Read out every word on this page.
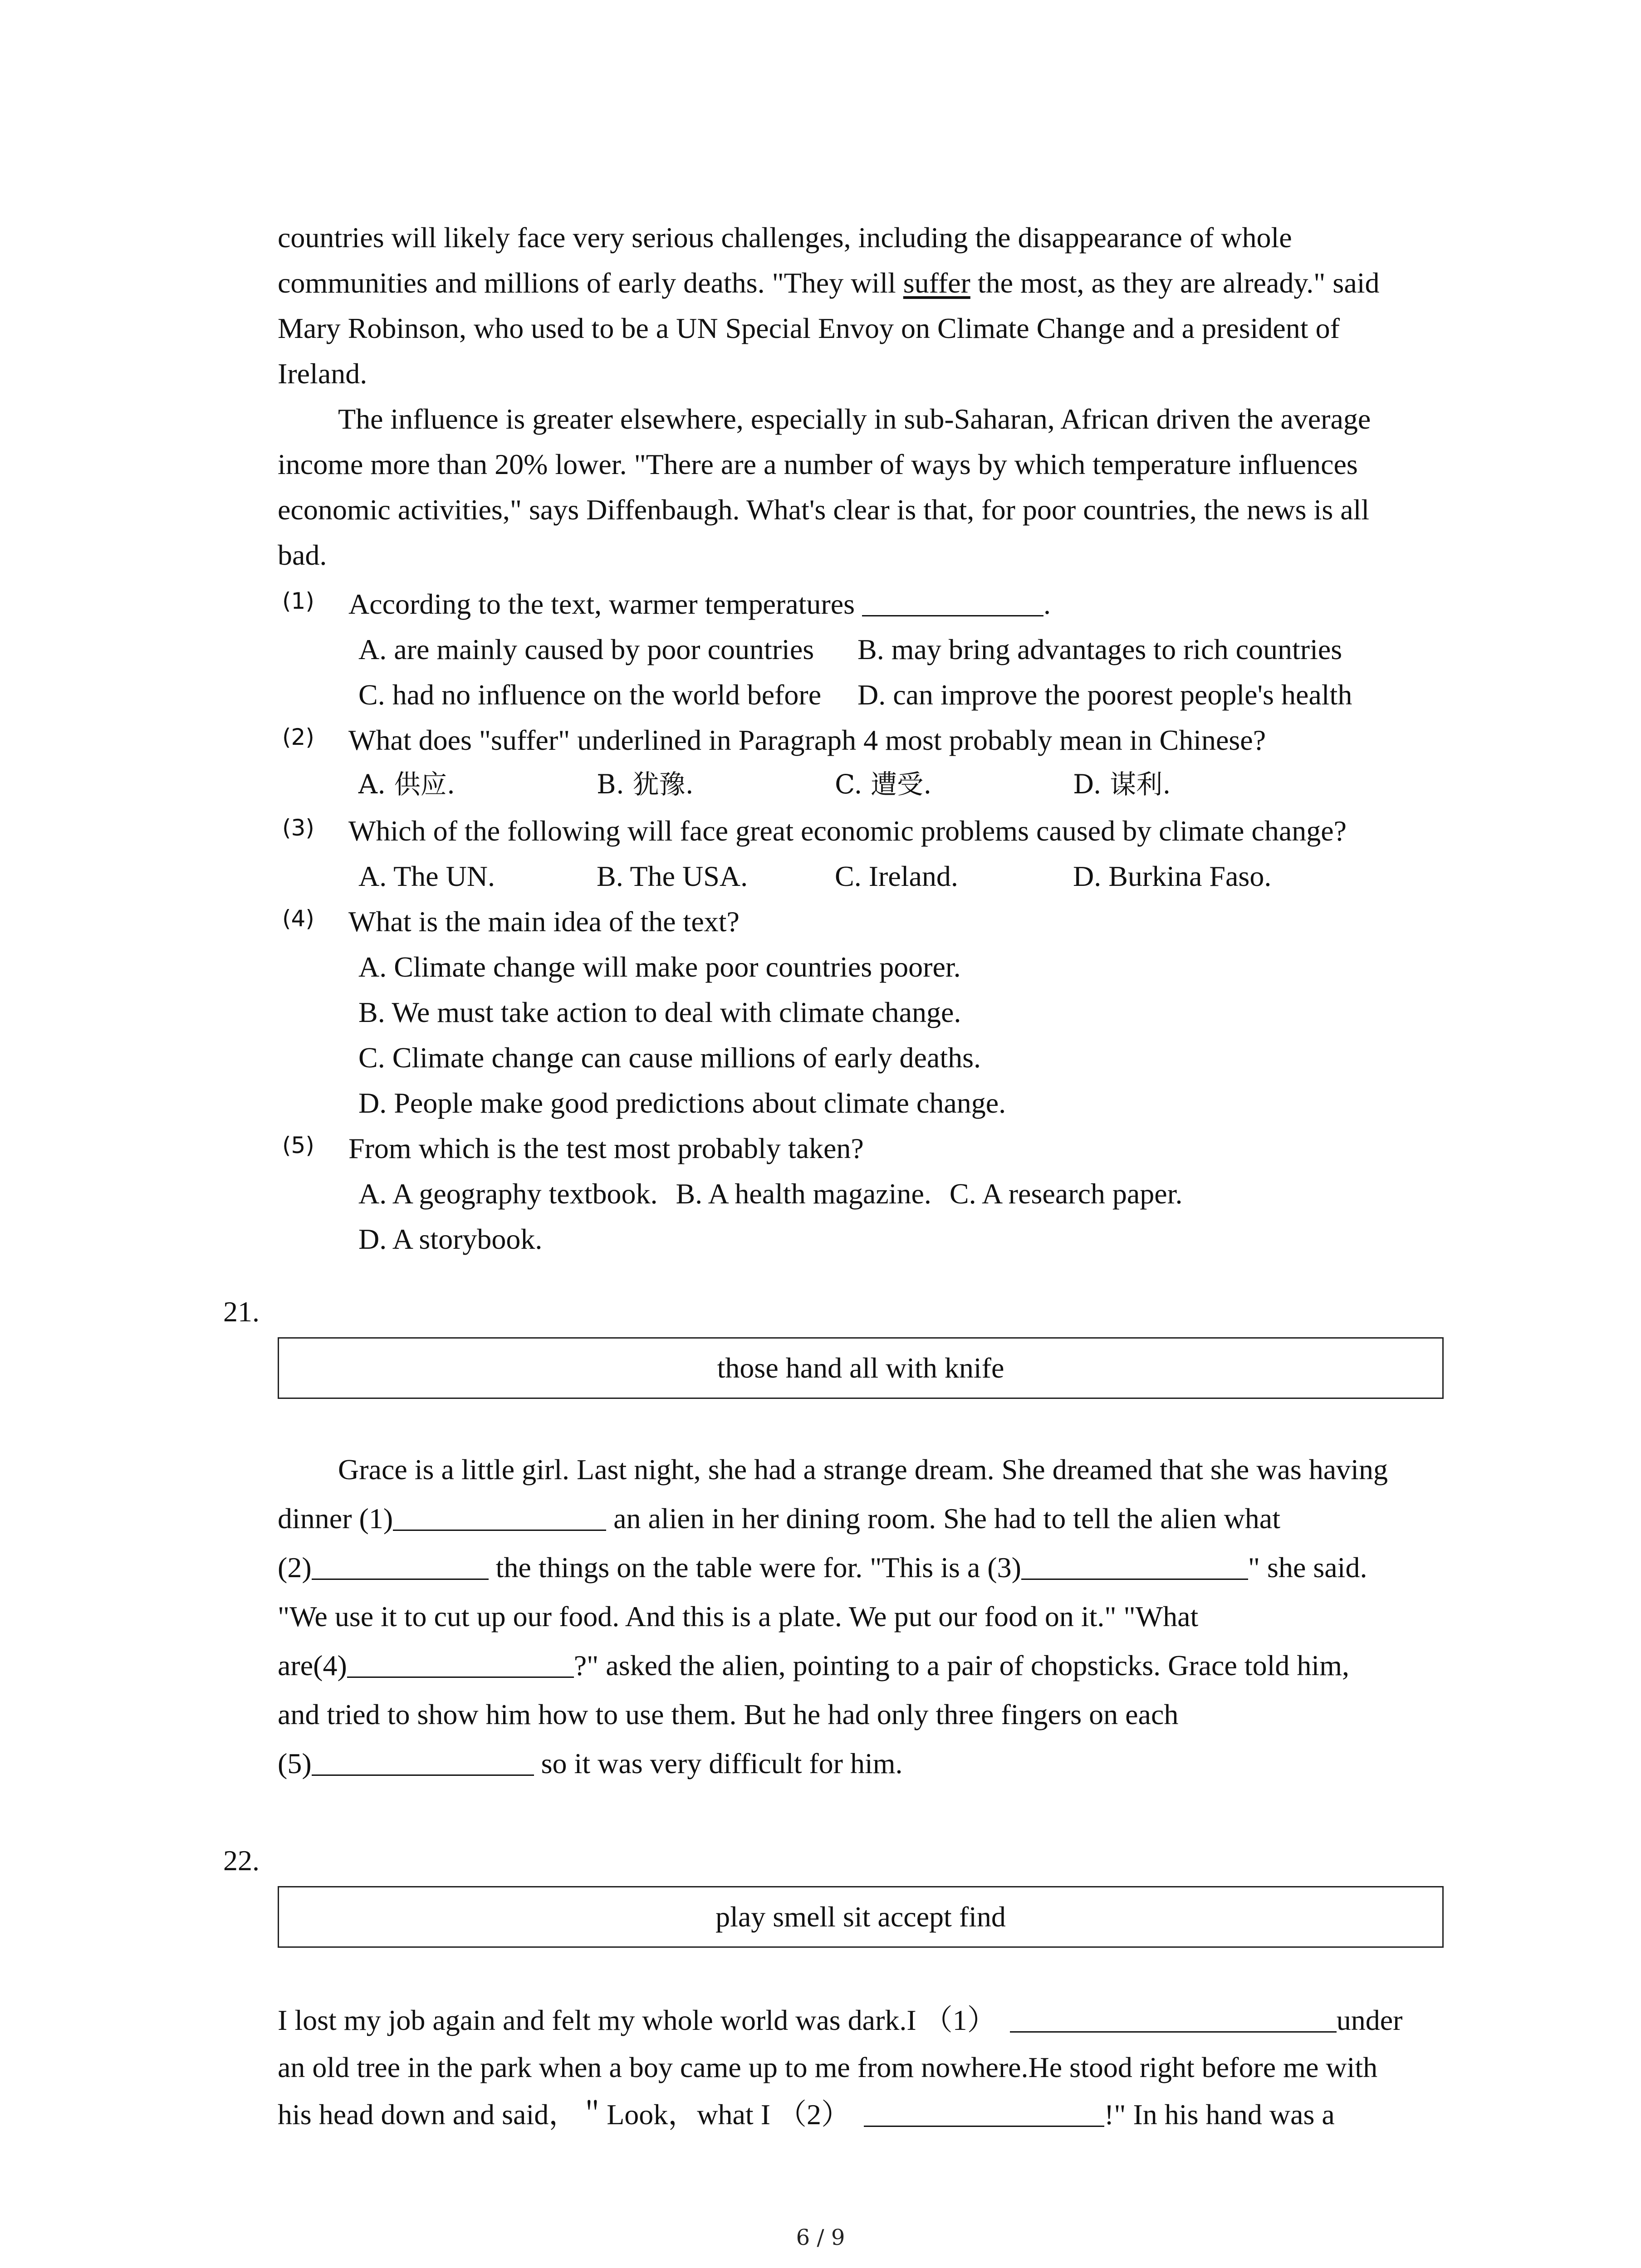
countries will likely face very serious challenges, including the disappearance of whole
communities and millions of early deaths. "They will suffer the most, as they are already." said
Mary Robinson, who used to be a UN Special Envoy on Climate Change and a president of
Ireland.
The influence is greater elsewhere, especially in sub-Saharan, African driven the average
income more than 20% lower. "There are a number of ways by which temperature influences
economic activities," says Diffenbaugh. What's clear is that, for poor countries, the news is all
bad.
(1) According to the text, warmer temperatures	.
A. are mainly caused by poor countries B. may bring advantages to rich countries
C. had no influence on the world before D. can improve the poorest people's health
(2) What does "suffer" underlined in Paragraph 4 most probably mean in Chinese?
A. 供应.	B. 犹豫.	C. 遭受.	D. 谋利.
(3) Which of the following will face great economic problems caused by climate change?
A. The UN.	B. The USA.	C. Ireland.	D. Burkina Faso.
(4) What is the main idea of the text?
A. Climate change will make poor countries poorer.
B. We must take action to deal with climate change.
C. Climate change can cause millions of early deaths.
D. People make good predictions about climate change.
(5) From which is the test most probably taken?
A. A geography textbook. B. A health magazine. C. A research paper.
D. A storybook.
21.
those hand all with knife
Grace is a little girl. Last night, she had a strange dream. She dreamed that she was having
dinner (1)	an alien in her dining room. She had to tell the alien what
(2)	the things on the table were for. "This is a (3)	" she said.
"We use it to cut up our food. And this is a plate. We put our food on it." "What
are(4)	?" asked the alien, pointing to a pair of chopsticks. Grace told him,
and tried to show him how to use them. But he had only three fingers on each
(5)	so it was very difficult for him.
22.
play smell sit accept find
I lost my job again and felt my whole world was dark.I （1）	under
an old tree in the park when a boy came up to me from nowhere.He stood right before me with
his head down and said，＂Look，what I （2）	!" In his hand was a
6 / 9
